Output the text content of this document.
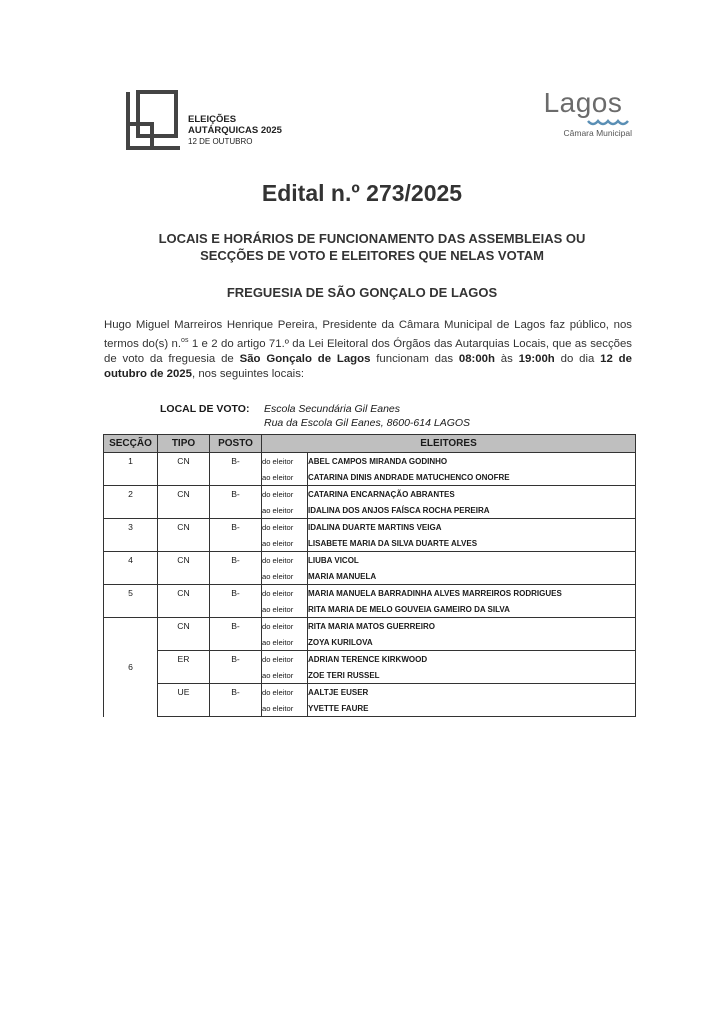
ELEIÇÕES
AUTÁRQUICAS 2025
12 DE OUTUBRO
Lagos
Câmara Municipal
Edital n.º 273/2025
LOCAIS E HORÁRIOS DE FUNCIONAMENTO DAS ASSEMBLEIAS OU
SECÇÕES DE VOTO E ELEITORES QUE NELAS VOTAM
FREGUESIA DE SÃO GONÇALO DE LAGOS
Hugo Miguel Marreiros Henrique Pereira, Presidente da Câmara Municipal de Lagos faz público, nos termos do(s) n.$^{os}$ 1 e 2 do artigo 71.º da Lei Eleitoral dos Órgãos das Autarquias Locais, que as secções de voto da freguesia de São Gonçalo de Lagos funcionam das 08:00h às 19:00h do dia 12 de outubro de 2025, nos seguintes locais:
LOCAL DE VOTO: Escola Secundária Gil Eanes
Rua da Escola Gil Eanes, 8600-614 LAGOS
SECÇÃO	TIPO	POSTO	ELEITORES	
1	CN	B-	do eleitor	ABEL CAMPOS MIRANDA GODINHO
			ao eleitor	CATARINA DINIS ANDRADE MATUCHENCO ONOFRE
2	CN	B-	do eleitor	CATARINA ENCARNAÇÃO ABRANTES
			ao eleitor	IDALINA DOS ANJOS FAÍSCA ROCHA PEREIRA
3	CN	B-	do eleitor	IDALINA DUARTE MARTINS VEIGA
			ao eleitor	LISABETE MARIA DA SILVA DUARTE ALVES
4	CN	B-	do eleitor	LIUBA VICOL
			ao eleitor	MARIA MANUELA
5	CN	B-	do eleitor	MARIA MANUELA BARRADINHA ALVES MARREIROS RODRIGUES
			ao eleitor	RITA MARIA DE MELO GOUVEIA GAMEIRO DA SILVA
6	CN	B-	do eleitor	RITA MARIA MATOS GUERREIRO
			ao eleitor	ZOYA KURILOVA
	ER	B-	do eleitor	ADRIAN TERENCE KIRKWOOD
			ao eleitor	ZOE TERI RUSSEL
	UE	B-	do eleitor	AALTJE EUSER
			ao eleitor	YVETTE FAURE
